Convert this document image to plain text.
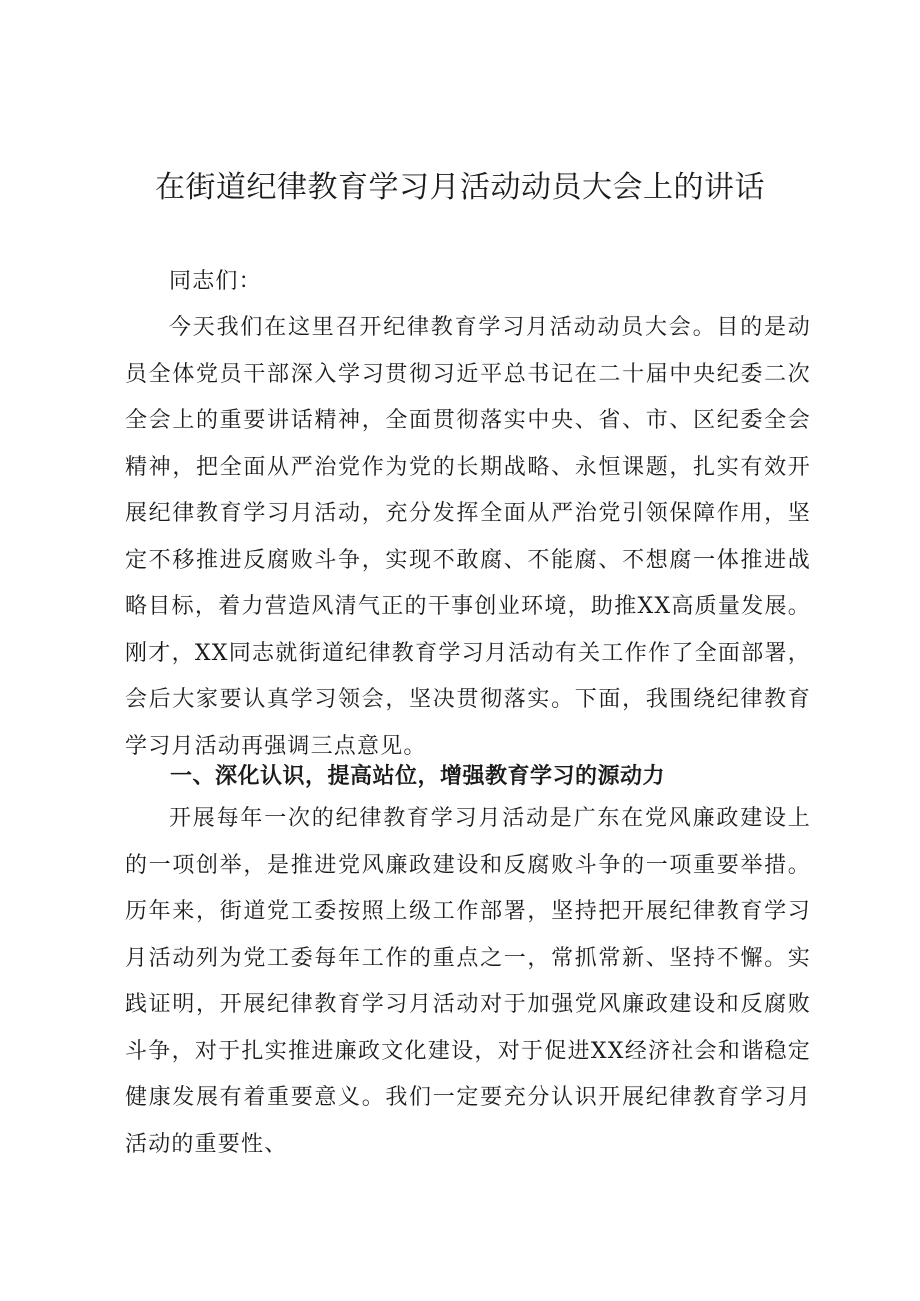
在街道纪律教育学习月活动动员大会上的讲话

同志们：

今天我们在这里召开纪律教育学习月活动动员大会。目的是动员全体党员干部深入学习贯彻习近平总书记在二十届中央纪委二次全会上的重要讲话精神，全面贯彻落实中央、省、市、区纪委全会精神，把全面从严治党作为党的长期战略、永恒课题，扎实有效开展纪律教育学习月活动，充分发挥全面从严治党引领保障作用，坚定不移推进反腐败斗争，实现不敢腐、不能腐、不想腐一体推进战略目标，着力营造风清气正的干事创业环境，助推XX高质量发展。刚才，XX同志就街道纪律教育学习月活动有关工作作了全面部署，会后大家要认真学习领会，坚决贯彻落实。下面，我围绕纪律教育学习月活动再强调三点意见。

一、深化认识，提高站位，增强教育学习的源动力

开展每年一次的纪律教育学习月活动是广东在党风廉政建设上的一项创举，是推进党风廉政建设和反腐败斗争的一项重要举措。历年来，街道党工委按照上级工作部署，坚持把开展纪律教育学习月活动列为党工委每年工作的重点之一，常抓常新、坚持不懈。实践证明，开展纪律教育学习月活动对于加强党风廉政建设和反腐败斗争，对于扎实推进廉政文化建设，对于促进XX经济社会和谐稳定健康发展有着重要意义。我们一定要充分认识开展纪律教育学习月活动的重要性、
